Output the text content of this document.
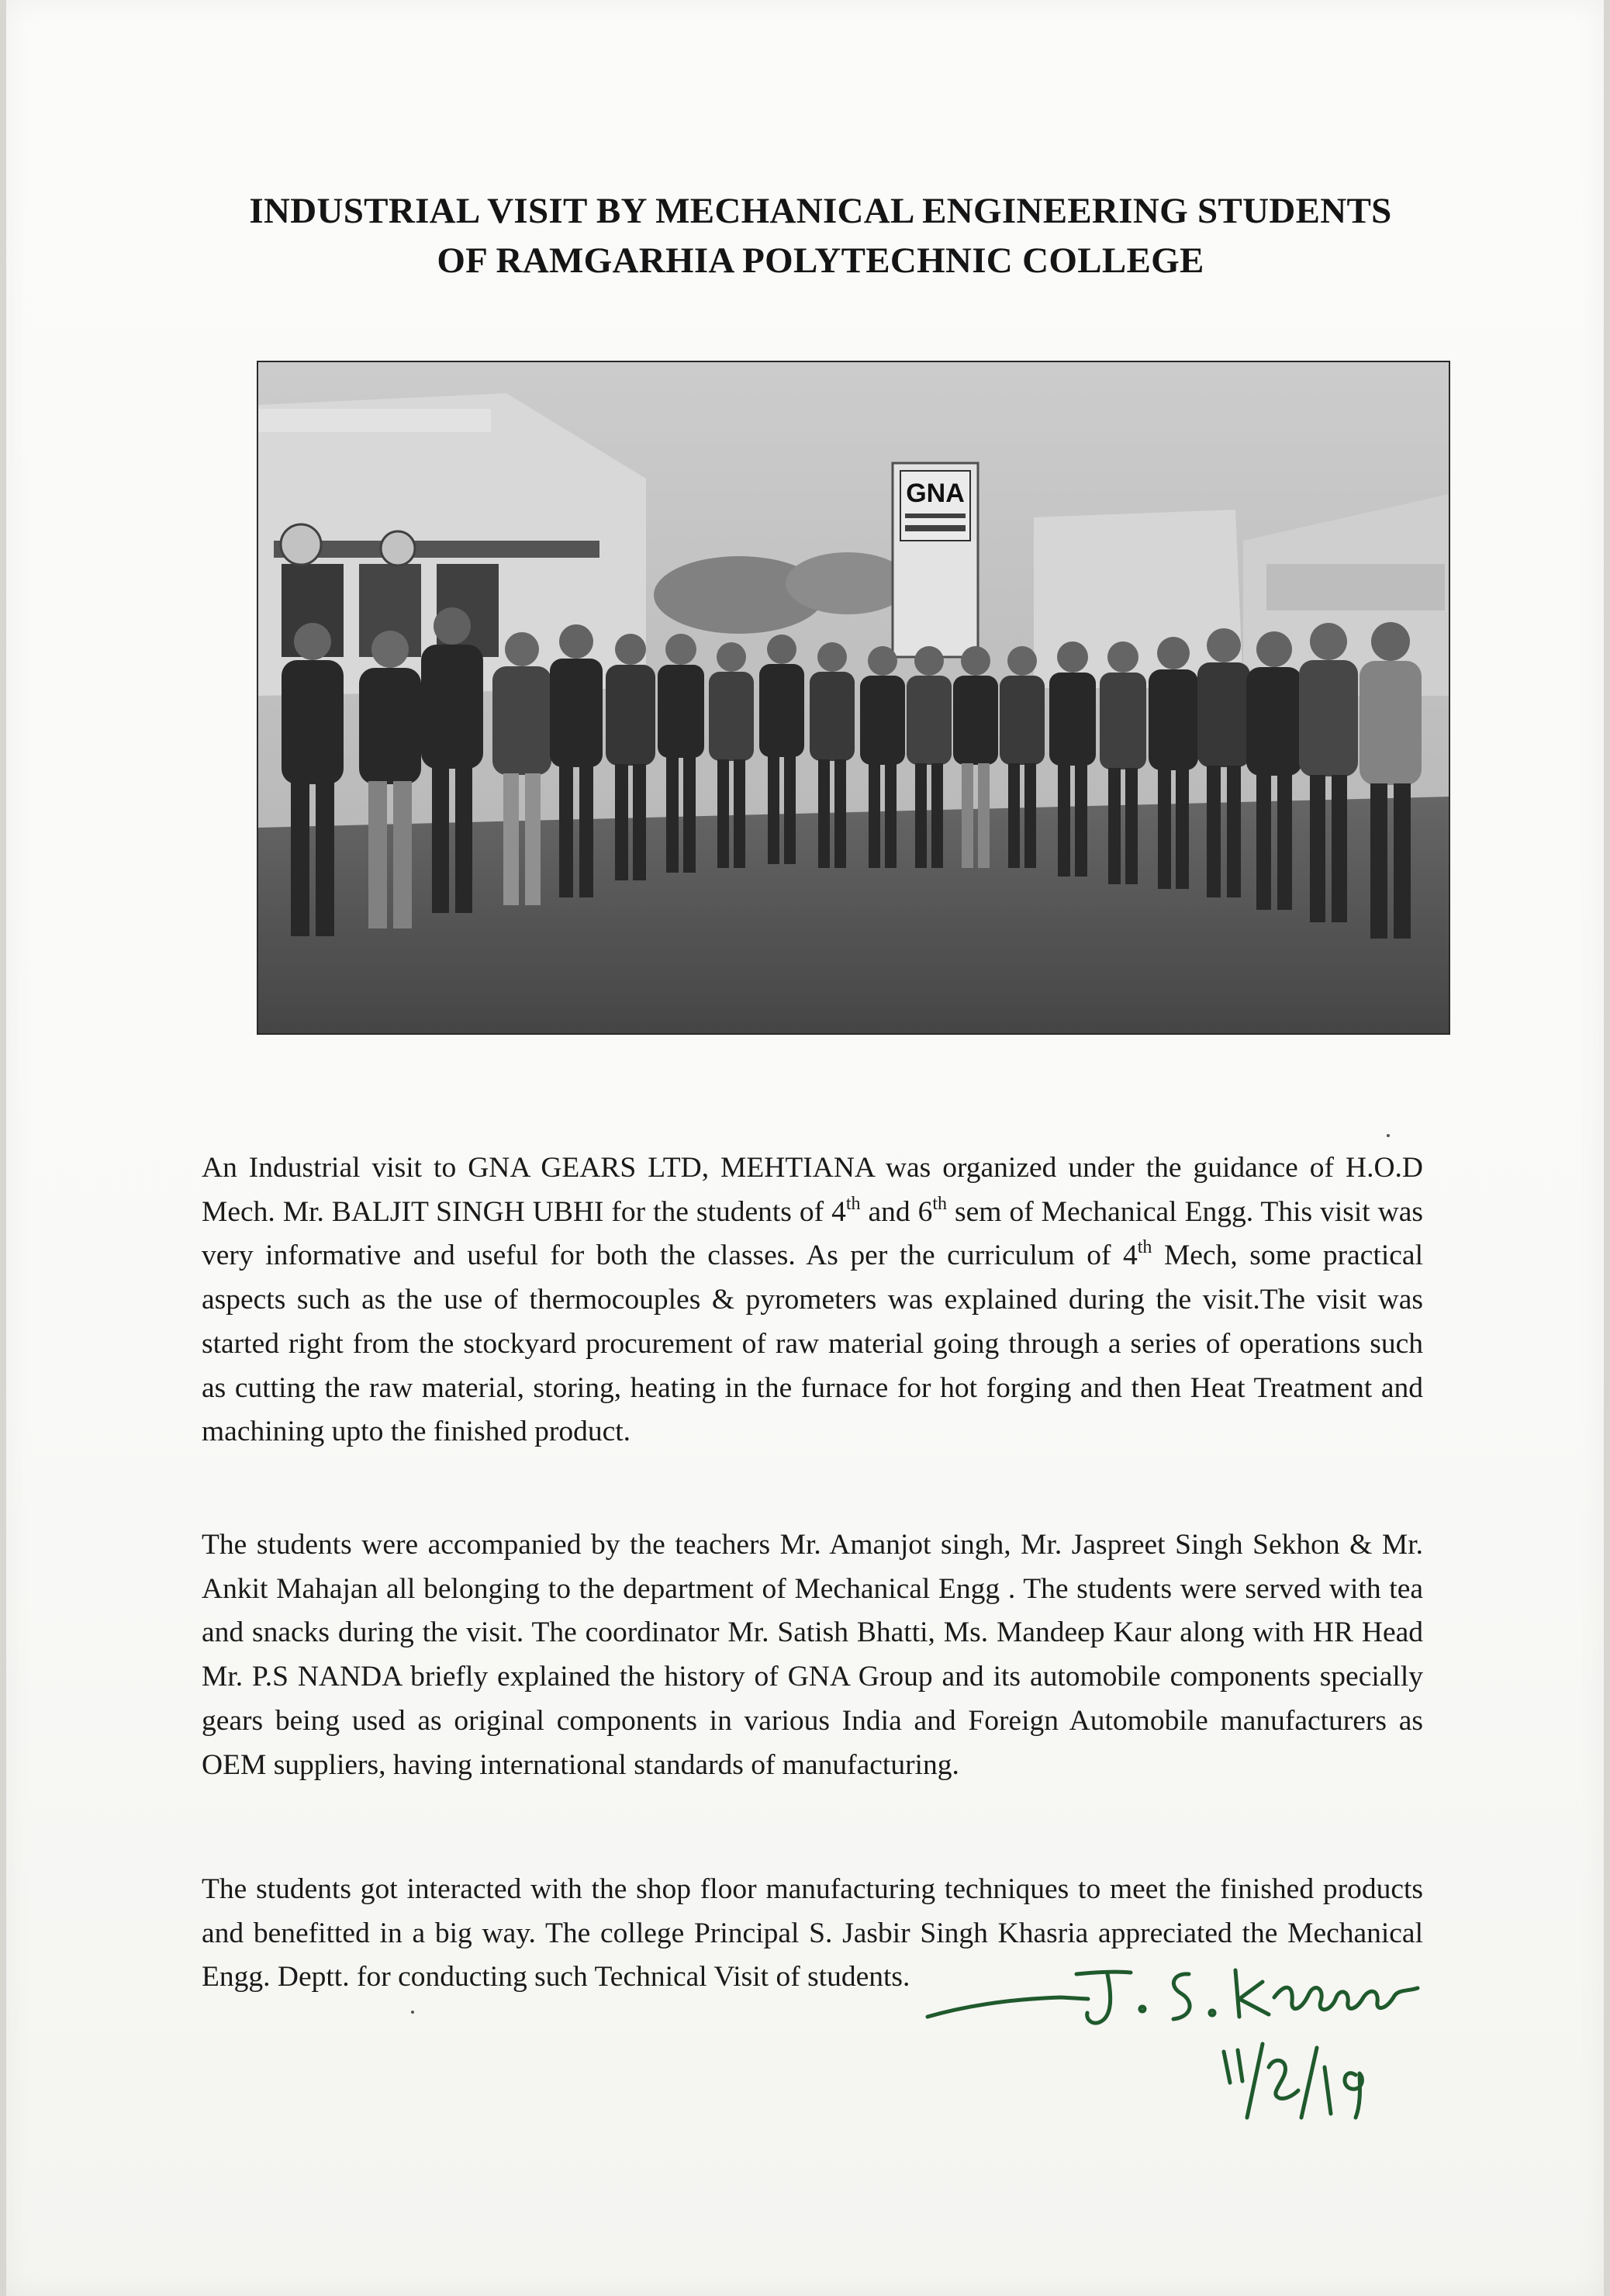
INDUSTRIAL VISIT BY MECHANICAL ENGINEERING STUDENTS
OF RAMGARHIA POLYTECHNIC COLLEGE
GNA

An Industrial visit to GNA GEARS LTD, MEHTIANA was organized under the guidance of H.O.D Mech. Mr. BALJIT SINGH UBHI for the students of 4th and 6th sem of Mechanical Engg. This visit was very informative and useful for both the classes. As per the curriculum of 4th Mech, some practical aspects such as the use of thermocouples & pyrometers was explained during the visit.The visit was started right from the stockyard procurement of raw material going through a series of operations such as cutting the raw material, storing, heating in the furnace for hot forging and then Heat Treatment and machining upto the finished product.

The students were accompanied by the teachers Mr. Amanjot singh, Mr. Jaspreet Singh Sekhon & Mr. Ankit Mahajan all belonging to the department of Mechanical Engg . The students were served with tea and snacks during the visit. The coordinator Mr. Satish Bhatti, Ms. Mandeep Kaur along with HR Head Mr. P.S NANDA briefly explained the history of GNA Group and its automobile components specially gears being used as original components in various India and Foreign Automobile manufacturers as OEM suppliers, having international standards of manufacturing.

The students got interacted with the shop floor manufacturing techniques to meet the finished products and benefitted in a big way. The college Principal S. Jasbir Singh Khasria appreciated the Mechanical Engg. Deptt. for conducting such Technical Visit of students.
